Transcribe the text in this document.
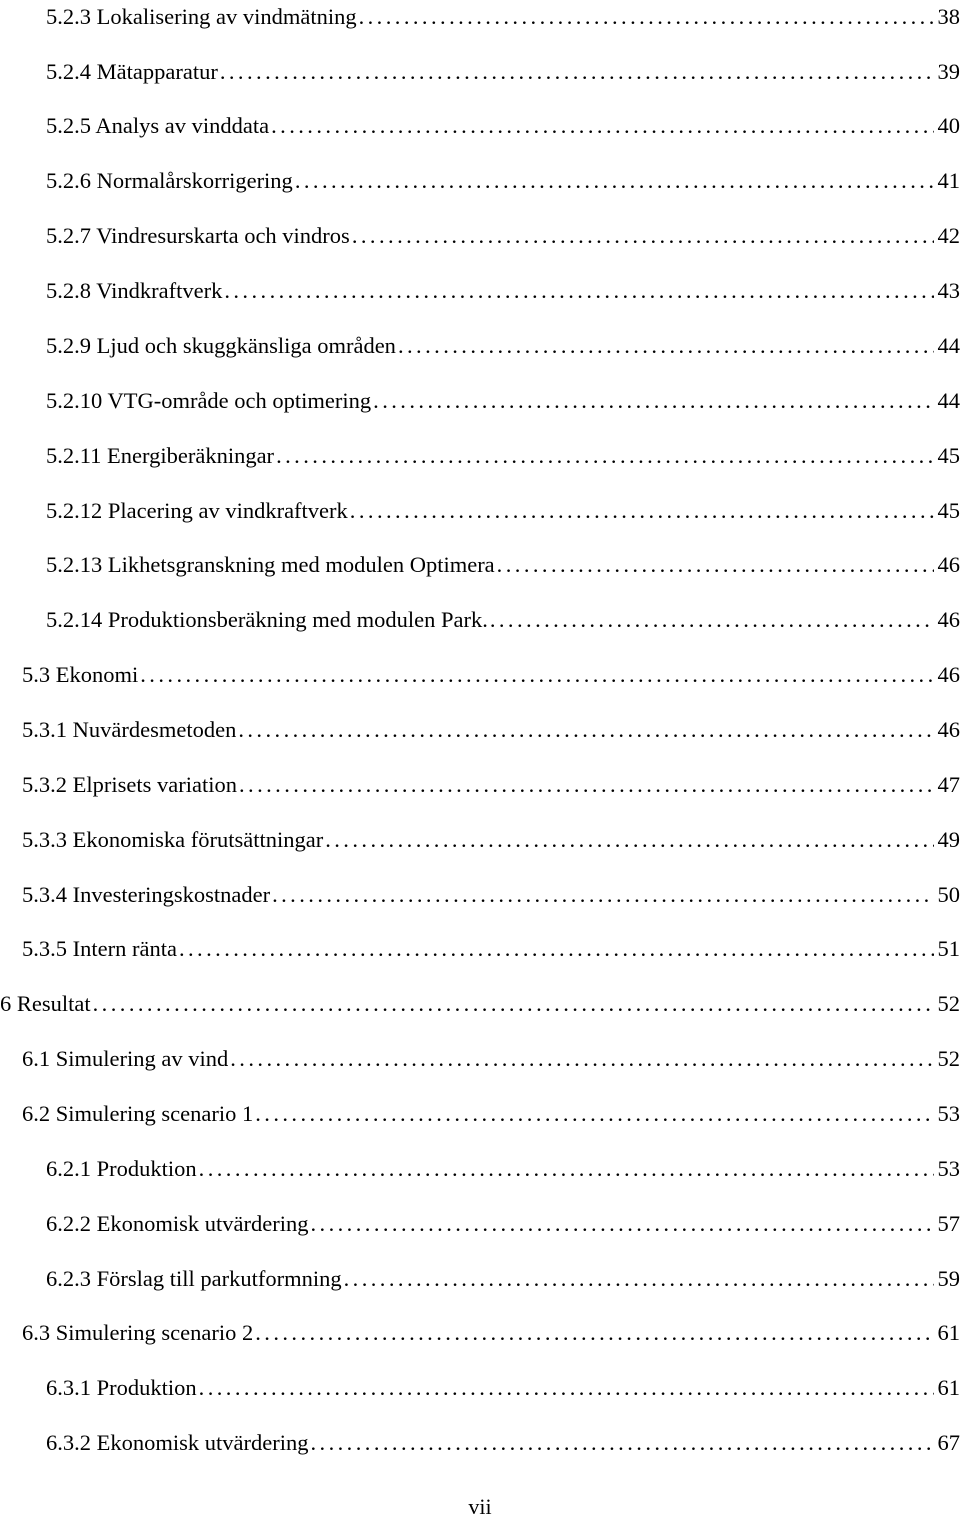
5.2.3 Lokalisering av vindmätning . . .	38
5.2.4 Mätapparatur . . .	39
5.2.5 Analys av vinddata . . .	40
5.2.6 Normalårskorrigering . . .	41
5.2.7 Vindresurskarta och vindros . . .	42
5.2.8 Vindkraftverk . . .	43
5.2.9 Ljud och skuggkänsliga områden . . .	44
5.2.10 VTG-område och optimering . . .	44
5.2.11 Energiberäkningar . . .	45
5.2.12 Placering av vindkraftverk . . .	45
5.2.13 Likhetsgranskning med modulen Optimera . . .	46
5.2.14 Produktionsberäkning med modulen Park. . . .	46
5.3 Ekonomi . . .	46
5.3.1 Nuvärdesmetoden . . .	46
5.3.2 Elprisets variation . . .	47
5.3.3 Ekonomiska förutsättningar . . .	49
5.3.4 Investeringskostnader . . .	50
5.3.5 Intern ränta . . .	51
6 Resultat . . .	52
6.1 Simulering av vind . . .	52
6.2 Simulering scenario 1 . . .	53
6.2.1 Produktion . . .	53
6.2.2 Ekonomisk utvärdering . . .	57
6.2.3 Förslag till parkutformning . . .	59
6.3 Simulering scenario 2 . . .	61
6.3.1 Produktion . . .	61
6.3.2 Ekonomisk utvärdering . . .	67
vii
